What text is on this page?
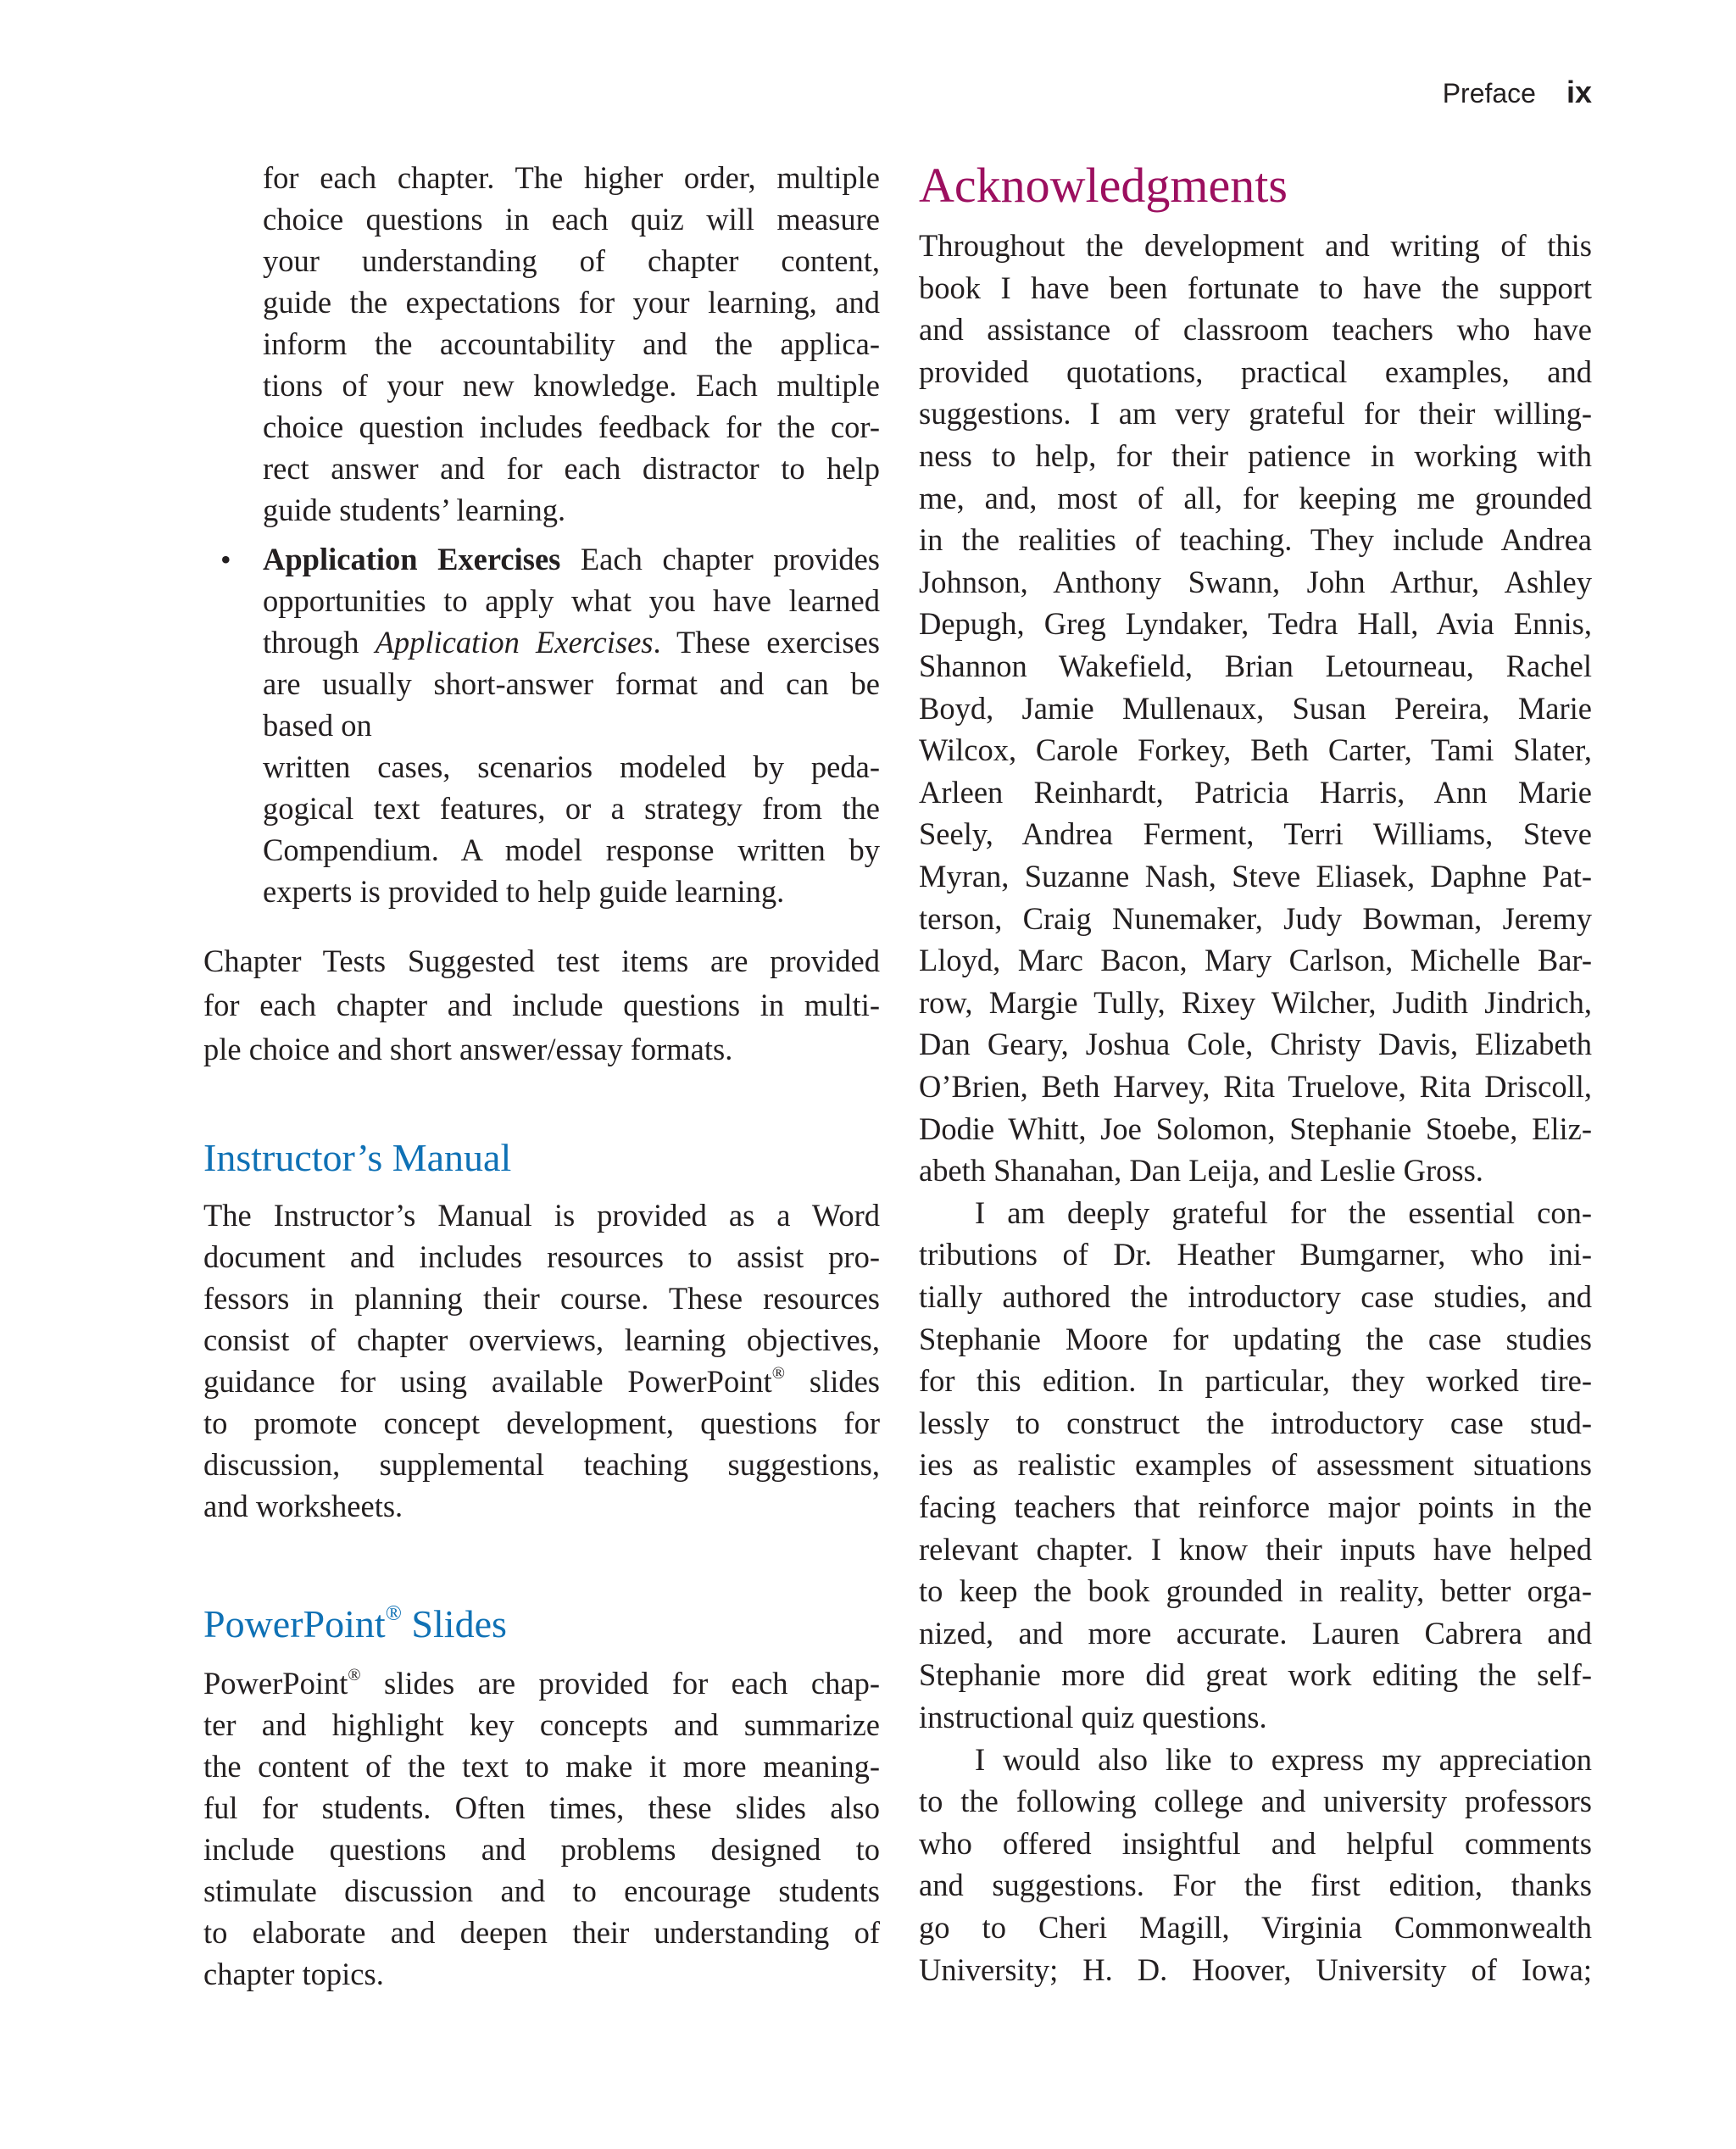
Preface ix
for each chapter. The higher order, multiple
choice questions in each quiz will measure
your understanding of chapter content,
guide the expectations for your learning, and
inform the accountability and the applica-
tions of your new knowledge. Each multiple
choice question includes feedback for the cor-
rect answer and for each distractor to help
guide students’ learning.
• Application Exercises Each chapter provides
opportunities to apply what you have learned
through Application Exercises. These exercises
are usually short-answer format and can be
based on
written cases, scenarios modeled by peda-
gogical text features, or a strategy from the
Compendium. A model response written by
experts is provided to help guide learning.
Chapter Tests Suggested test items are provided
for each chapter and include questions in multi-
ple choice and short answer/essay formats.
Instructor’s Manual
The Instructor’s Manual is provided as a Word
document and includes resources to assist pro-
fessors in planning their course. These resources
consist of chapter overviews, learning objectives,
guidance for using available PowerPoint® slides
to promote concept development, questions for
discussion, supplemental teaching suggestions,
and worksheets.
PowerPoint® Slides
PowerPoint® slides are provided for each chap-
ter and highlight key concepts and summarize
the content of the text to make it more meaning-
ful for students. Often times, these slides also
include questions and problems designed to
stimulate discussion and to encourage students
to elaborate and deepen their understanding of
chapter topics.
Acknowledgments
Throughout the development and writing of this
book I have been fortunate to have the support
and assistance of classroom teachers who have
provided quotations, practical examples, and
suggestions. I am very grateful for their willing-
ness to help, for their patience in working with
me, and, most of all, for keeping me grounded
in the realities of teaching. They include Andrea
Johnson, Anthony Swann, John Arthur, Ashley
Depugh, Greg Lyndaker, Tedra Hall, Avia Ennis,
Shannon Wakefield, Brian Letourneau, Rachel
Boyd, Jamie Mullenaux, Susan Pereira, Marie
Wilcox, Carole Forkey, Beth Carter, Tami Slater,
Arleen Reinhardt, Patricia Harris, Ann Marie
Seely, Andrea Ferment, Terri Williams, Steve
Myran, Suzanne Nash, Steve Eliasek, Daphne Pat-
terson, Craig Nunemaker, Judy Bowman, Jeremy
Lloyd, Marc Bacon, Mary Carlson, Michelle Bar-
row, Margie Tully, Rixey Wilcher, Judith Jindrich,
Dan Geary, Joshua Cole, Christy Davis, Elizabeth
O’Brien, Beth Harvey, Rita Truelove, Rita Driscoll,
Dodie Whitt, Joe Solomon, Stephanie Stoebe, Eliz-
abeth Shanahan, Dan Leija, and Leslie Gross.
I am deeply grateful for the essential con-
tributions of Dr. Heather Bumgarner, who ini-
tially authored the introductory case studies, and
Stephanie Moore for updating the case studies
for this edition. In particular, they worked tire-
lessly to construct the introductory case stud-
ies as realistic examples of assessment situations
facing teachers that reinforce major points in the
relevant chapter. I know their inputs have helped
to keep the book grounded in reality, better orga-
nized, and more accurate. Lauren Cabrera and
Stephanie more did great work editing the self-
instructional quiz questions.
I would also like to express my appreciation
to the following college and university professors
who offered insightful and helpful comments
and suggestions. For the first edition, thanks
go to Cheri Magill, Virginia Commonwealth
University; H. D. Hoover, University of Iowa;
